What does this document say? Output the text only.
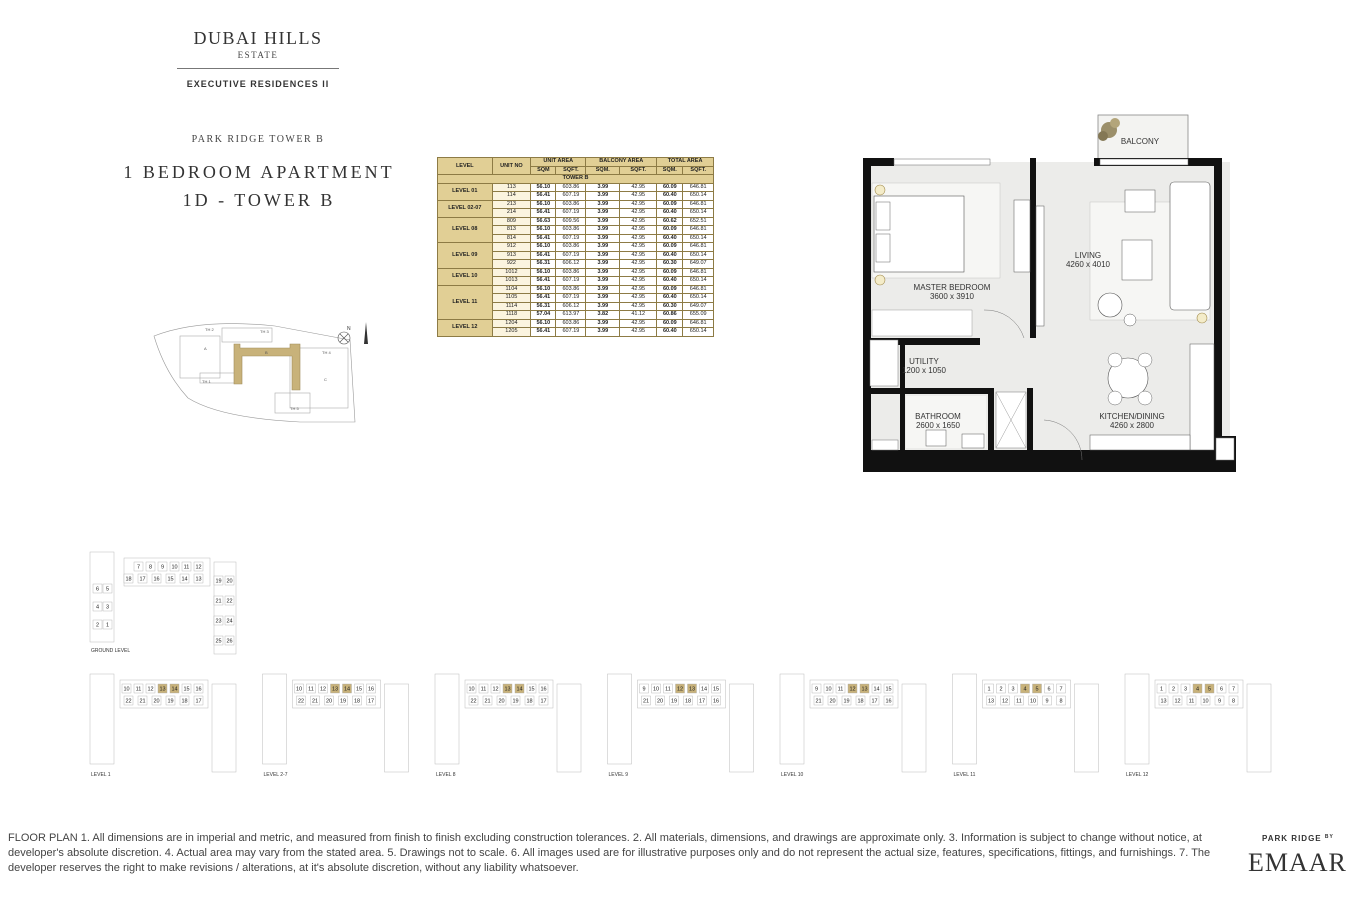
DUBAI HILLS
ESTATE
EXECUTIVE RESIDENCES II
PARK RIDGE TOWER B
1 BEDROOM APARTMENT
1D - TOWER B
TH 2	TH 3
A
B	TH 4
TH 1	C
TH 5
N
LEVEL	UNIT NO	UNIT AREA		BALCONY AREA		TOTAL AREA	
		SQM	SQFT.	SQM.	SQFT.	SQM.	SQFT.
TOWER B							
LEVEL 01	113	56.10	603.86	3.99	42.95	60.09	646.81
	114	56.41	607.19	3.99	42.95	60.40	650.14
LEVEL 02-07	213	56.10	603.86	3.99	42.95	60.09	646.81
	214	56.41	607.19	3.99	42.95	60.40	650.14
LEVEL 08	809	56.63	609.56	3.99	42.95	60.62	652.51
	813	56.10	603.86	3.99	42.95	60.09	646.81
	814	56.41	607.19	3.99	42.95	60.40	650.14
LEVEL 09	912	56.10	603.86	3.99	42.95	60.09	646.81
	913	56.41	607.19	3.99	42.95	60.40	650.14
	922	56.31	606.12	3.99	42.95	60.30	649.07
LEVEL 10	1012	56.10	603.86	3.99	42.95	60.09	646.81
	1013	56.41	607.19	3.99	42.95	60.40	650.14
LEVEL 11	1104	56.10	603.86	3.99	42.95	60.09	646.81
	1105	56.41	607.19	3.99	42.95	60.40	650.14
	1114	56.31	606.12	3.99	42.95	60.30	649.07
	1118	57.04	613.97	3.82	41.12	60.86	655.09
LEVEL 12	1204	56.10	603.86	3.99	42.95	60.09	646.81
	1205	56.41	607.19	3.99	42.95	60.40	650.14
BALCONY
LIVING
4260 x 4010
MASTER BEDROOM
3600 x 3910
UTILITY
1200 x 1050
BATHROOM
2600 x 1650
KITCHEN/DINING
4260 x 2800
7 8 9 10 11 12
18 17 16 15 14 13
6 5
4 3
2 1
19 20
21 22
23 24
25 26
GROUND LEVEL
10 11 12 13 14 15 16
22 21 20 19 18 17
LEVEL 1
10 11 12 13 14 15 16
22 21 20 19 18 17
LEVEL 2-7
10 11 12 13 14 15 16
22 21 20 19 18 17
LEVEL 8
9 10 11 12 13 14 15
21 20 19 18 17 16
LEVEL 9
9 10 11 12 13 14 15
21 20 19 18 17 16
LEVEL 10
1 2 3 4 5 6 7
13 12 11 10 9 8
LEVEL 11
1 2 3 4 5 6 7
13 12 11 10 9 8
LEVEL 12
FLOOR PLAN 1. All dimensions are in imperial and metric, and measured from finish to finish excluding construction tolerances. 2. All materials, dimensions, and drawings are approximate only. 3. Information is subject to change without notice, at developer's absolute discretion. 4. Actual area may vary from the stated area. 5. Drawings not to scale. 6. All images used are for illustrative purposes only and do not represent the actual size, features, specifications, fittings, and furnishings. 7. The developer reserves the right to make revisions / alterations, at it's absolute discretion, without any liability whatsoever.
PARK RIDGE $^{BY}$
EMAAR
